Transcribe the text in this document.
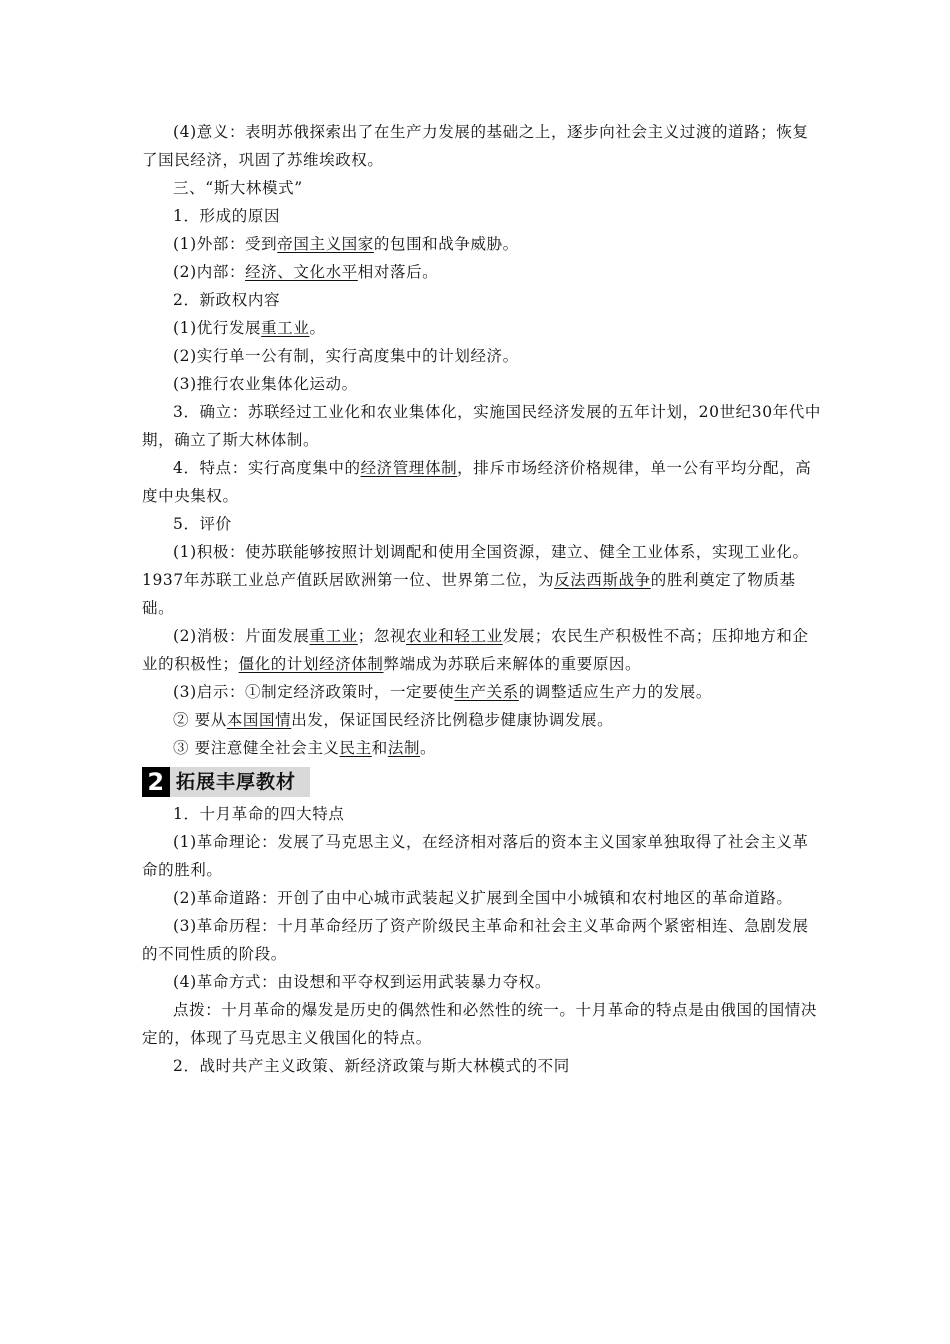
(4)意义：表明苏俄探索出了在生产力发展的基础之上，逐步向社会主义过渡的道路；恢复了国民经济，巩固了苏维埃政权。

三、“斯大林模式”

1．形成的原因

(1)外部：受到帝国主义国家的包围和战争威胁。

(2)内部：经济、文化水平相对落后。

2．新政权内容

(1)优行发展重工业。

(2)实行单一公有制，实行高度集中的计划经济。

(3)推行农业集体化运动。

3．确立：苏联经过工业化和农业集体化，实施国民经济发展的五年计划，20世纪30年代中期，确立了斯大林体制。

4．特点：实行高度集中的经济管理体制，排斥市场经济价格规律，单一公有平均分配，高度中央集权。

5．评价

(1)积极：使苏联能够按照计划调配和使用全国资源，建立、健全工业体系，实现工业化。1937年苏联工业总产值跃居欧洲第一位、世界第二位，为反法西斯战争的胜利奠定了物质基础。

(2)消极：片面发展重工业；忽视农业和轻工业发展；农民生产积极性不高；压抑地方和企业的积极性；僵化的计划经济体制弊端成为苏联后来解体的重要原因。

(3)启示：①制定经济政策时，一定要使生产关系的调整适应生产力的发展。

② 要从本国国情出发，保证国民经济比例稳步健康协调发展。

③ 要注意健全社会主义民主和法制。

2 拓展丰厚教材

1．十月革命的四大特点

(1)革命理论：发展了马克思主义，在经济相对落后的资本主义国家单独取得了社会主义革命的胜利。

(2)革命道路：开创了由中心城市武装起义扩展到全国中小城镇和农村地区的革命道路。

(3)革命历程：十月革命经历了资产阶级民主革命和社会主义革命两个紧密相连、急剧发展的不同性质的阶段。

(4)革命方式：由设想和平夺权到运用武装暴力夺权。

点拨：十月革命的爆发是历史的偶然性和必然性的统一。十月革命的特点是由俄国的国情决定的，体现了马克思主义俄国化的特点。

2．战时共产主义政策、新经济政策与斯大林模式的不同
